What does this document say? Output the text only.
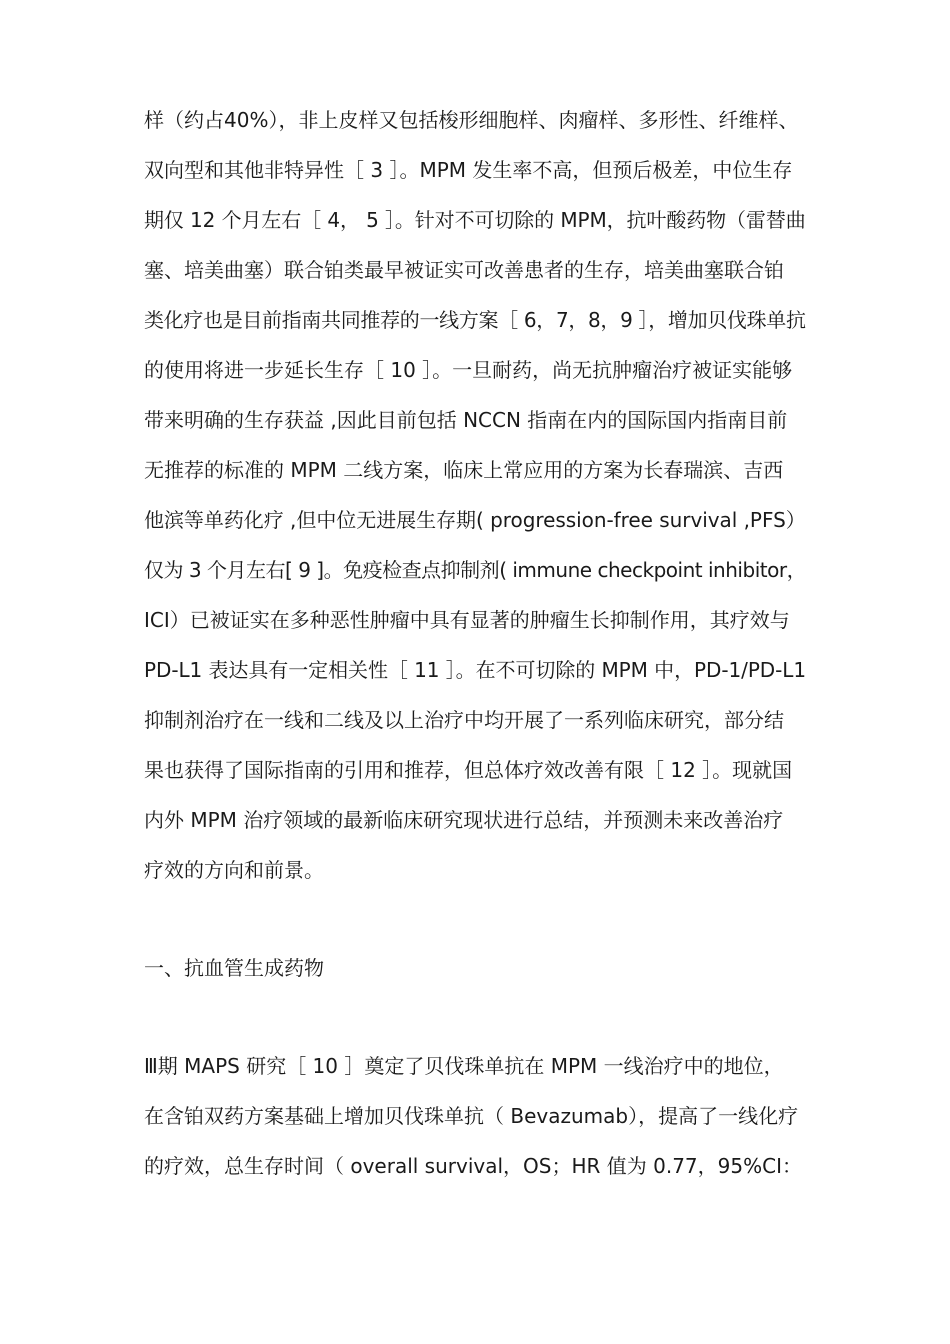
样（约占40%），非上皮样又包括梭形细胞样、肉瘤样、多形性、纤维样、
双向型和其他非特异性［ 3 ］。MPM 发生率不高，但预后极差，中位生存
期仅 12 个月左右［ 4， 5 ］。针对不可切除的 MPM，抗叶酸药物（雷替曲
塞、培美曲塞）联合铂类最早被证实可改善患者的生存，培美曲塞联合铂
类化疗也是目前指南共同推荐的一线方案［ 6，7，8，9 ］，增加贝伐珠单抗
的使用将进一步延长生存［ 10 ］。一旦耐药，尚无抗肿瘤治疗被证实能够
带来明确的生存获益 ,因此目前包括 NCCN 指南在内的国际国内指南目前
无推荐的标准的 MPM 二线方案，临床上常应用的方案为长春瑞滨、吉西
他滨等单药化疗 ,但中位无进展生存期( progression-free survival ,PFS）
仅为 3 个月左右[ 9 ]。免疫检查点抑制剂( immune checkpoint inhibitor，
ICI）已被证实在多种恶性肿瘤中具有显著的肿瘤生长抑制作用，其疗效与
PD-L1 表达具有一定相关性［ 11 ］。在不可切除的 MPM 中，PD-1/PD-L1
抑制剂治疗在一线和二线及以上治疗中均开展了一系列临床研究，部分结
果也获得了国际指南的引用和推荐，但总体疗效改善有限［ 12 ］。现就国
内外 MPM 治疗领域的最新临床研究现状进行总结，并预测未来改善治疗
疗效的方向和前景。
一、抗血管生成药物
Ⅲ期 MAPS 研究［ 10 ］奠定了贝伐珠单抗在 MPM 一线治疗中的地位，
在含铂双药方案基础上增加贝伐珠单抗（ Bevazumab），提高了一线化疗
的疗效，总生存时间（ overall survival，OS；HR 值为 0.77，95%CI：
